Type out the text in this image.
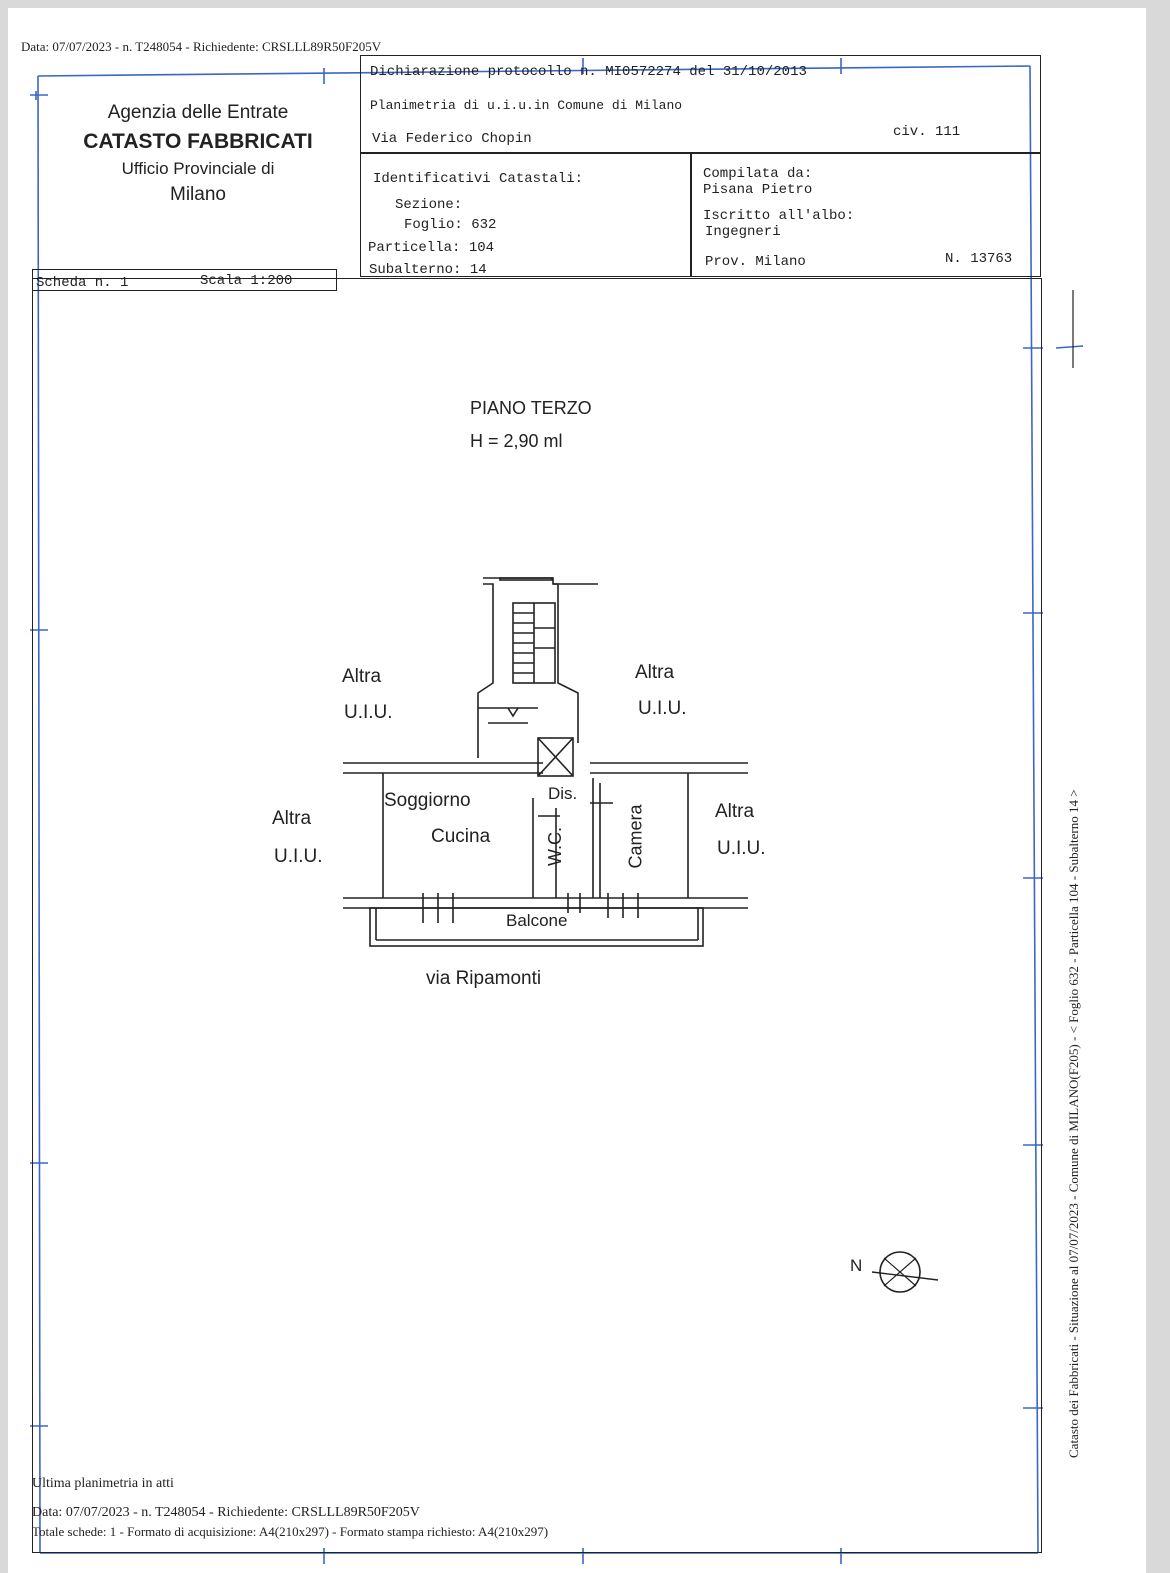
Data: 07/07/2023 - n. T248054 - Richiedente: CRSLLL89R50F205V
Agenzia delle Entrate
CATASTO FABBRICATI
Ufficio Provinciale di
Milano
Dichiarazione protocollo n. MI0572274 del 31/10/2013
Planimetria di u.i.u.in Comune di Milano
Via Federico Chopin	civ. 111
Identificativi Catastali:
Sezione:
Foglio: 632
Particella: 104
Subalterno: 14
Compilata da:
Pisana Pietro
Iscritto all'albo:
Ingegneri
Prov. Milano	N. 13763
Scheda n. 1	Scala 1:200
PIANO TERZO
H = 2,90 ml
Altra
U.I.U.
Altra
U.I.U.
Altra
U.I.U.
Altra
U.I.U.
Soggiorno
Cucina
Dis.
W.C.	Camera
Balcone
via Ripamonti
N	Catasto dei Fabbricati - Situazione al 07/07/2023 - Comune di MILANO(F205) - < Foglio 632 - Particella 104 - Subalterno 14 >
Ultima planimetria in atti
Data: 07/07/2023 - n. T248054 - Richiedente: CRSLLL89R50F205V
Totale schede: 1 - Formato di acquisizione: A4(210x297) - Formato stampa richiesto: A4(210x297)
